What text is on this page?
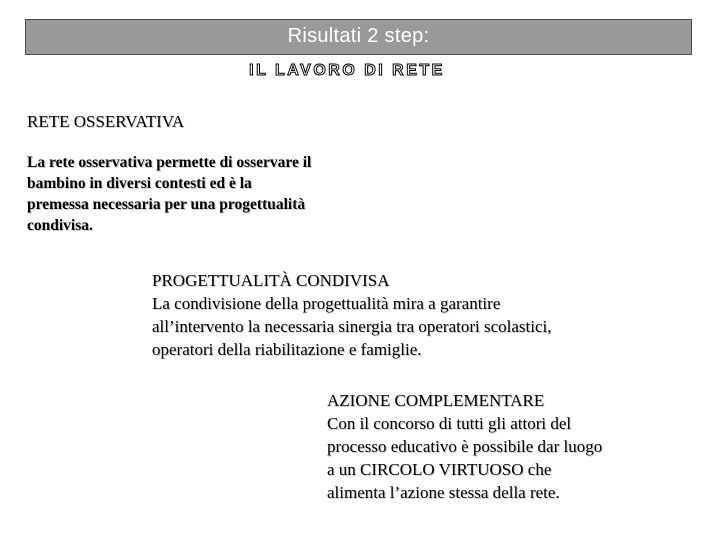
Risultati 2 step:
IL LAVORO DI RETE
RETE OSSERVATIVA
La rete osservativa permette di osservare il
bambino in diversi contesti ed è la
premessa necessaria per una progettualità
condivisa.
PROGETTUALITÀ CONDIVISA
La condivisione della progettualità mira a garantire
all’intervento la necessaria sinergia tra operatori scolastici,
operatori della riabilitazione e famiglie.
AZIONE COMPLEMENTARE
Con il concorso di tutti gli attori del
processo educativo è possibile dar luogo
a un CIRCOLO VIRTUOSO che
alimenta l’azione stessa della rete.
